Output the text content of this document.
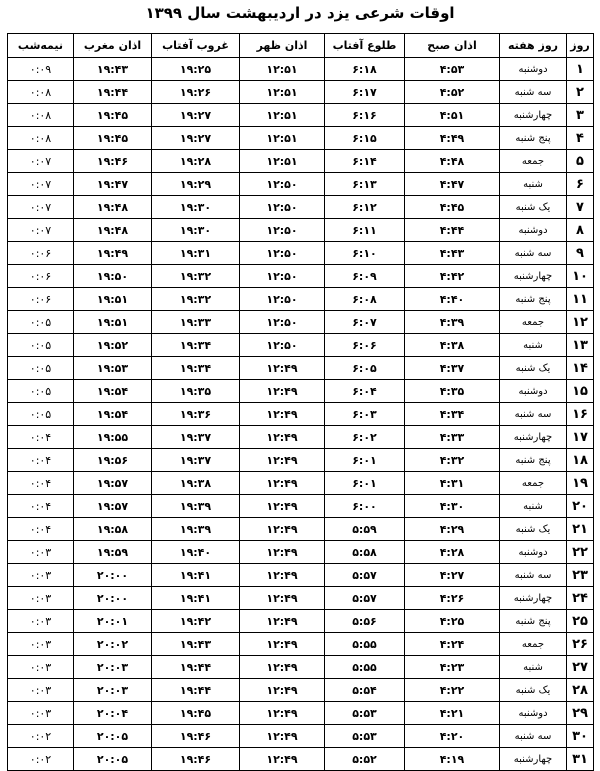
اوقات شرعی یزد در اردیبهشت سال ۱۳۹۹
روز	روز هفته	اذان صبح	طلوع آفتاب	اذان ظهر	غروب آفتاب	اذان مغرب	نیمه‌شب
۱	دوشنبه	۴:۵۳	۶:۱۸	۱۲:۵۱	۱۹:۲۵	۱۹:۴۳	۰:۰۹
۲	سه شنبه	۴:۵۲	۶:۱۷	۱۲:۵۱	۱۹:۲۶	۱۹:۴۴	۰:۰۸
۳	چهارشنبه	۴:۵۱	۶:۱۶	۱۲:۵۱	۱۹:۲۷	۱۹:۴۵	۰:۰۸
۴	پنج شنبه	۴:۴۹	۶:۱۵	۱۲:۵۱	۱۹:۲۷	۱۹:۴۵	۰:۰۸
۵	جمعه	۴:۴۸	۶:۱۴	۱۲:۵۱	۱۹:۲۸	۱۹:۴۶	۰:۰۷
۶	شنبه	۴:۴۷	۶:۱۳	۱۲:۵۰	۱۹:۲۹	۱۹:۴۷	۰:۰۷
۷	یک شنبه	۴:۴۵	۶:۱۲	۱۲:۵۰	۱۹:۳۰	۱۹:۴۸	۰:۰۷
۸	دوشنبه	۴:۴۴	۶:۱۱	۱۲:۵۰	۱۹:۳۰	۱۹:۴۸	۰:۰۷
۹	سه شنبه	۴:۴۳	۶:۱۰	۱۲:۵۰	۱۹:۳۱	۱۹:۴۹	۰:۰۶
۱۰	چهارشنبه	۴:۴۲	۶:۰۹	۱۲:۵۰	۱۹:۳۲	۱۹:۵۰	۰:۰۶
۱۱	پنج شنبه	۴:۴۰	۶:۰۸	۱۲:۵۰	۱۹:۳۲	۱۹:۵۱	۰:۰۶
۱۲	جمعه	۴:۳۹	۶:۰۷	۱۲:۵۰	۱۹:۳۳	۱۹:۵۱	۰:۰۵
۱۳	شنبه	۴:۳۸	۶:۰۶	۱۲:۵۰	۱۹:۳۴	۱۹:۵۲	۰:۰۵
۱۴	یک شنبه	۴:۳۷	۶:۰۵	۱۲:۴۹	۱۹:۳۴	۱۹:۵۳	۰:۰۵
۱۵	دوشنبه	۴:۳۵	۶:۰۴	۱۲:۴۹	۱۹:۳۵	۱۹:۵۴	۰:۰۵
۱۶	سه شنبه	۴:۳۴	۶:۰۳	۱۲:۴۹	۱۹:۳۶	۱۹:۵۴	۰:۰۵
۱۷	چهارشنبه	۴:۳۳	۶:۰۲	۱۲:۴۹	۱۹:۳۷	۱۹:۵۵	۰:۰۴
۱۸	پنج شنبه	۴:۳۲	۶:۰۱	۱۲:۴۹	۱۹:۳۷	۱۹:۵۶	۰:۰۴
۱۹	جمعه	۴:۳۱	۶:۰۱	۱۲:۴۹	۱۹:۳۸	۱۹:۵۷	۰:۰۴
۲۰	شنبه	۴:۳۰	۶:۰۰	۱۲:۴۹	۱۹:۳۹	۱۹:۵۷	۰:۰۴
۲۱	یک شنبه	۴:۲۹	۵:۵۹	۱۲:۴۹	۱۹:۳۹	۱۹:۵۸	۰:۰۴
۲۲	دوشنبه	۴:۲۸	۵:۵۸	۱۲:۴۹	۱۹:۴۰	۱۹:۵۹	۰:۰۳
۲۳	سه شنبه	۴:۲۷	۵:۵۷	۱۲:۴۹	۱۹:۴۱	۲۰:۰۰	۰:۰۳
۲۴	چهارشنبه	۴:۲۶	۵:۵۷	۱۲:۴۹	۱۹:۴۱	۲۰:۰۰	۰:۰۳
۲۵	پنج شنبه	۴:۲۵	۵:۵۶	۱۲:۴۹	۱۹:۴۲	۲۰:۰۱	۰:۰۳
۲۶	جمعه	۴:۲۴	۵:۵۵	۱۲:۴۹	۱۹:۴۳	۲۰:۰۲	۰:۰۳
۲۷	شنبه	۴:۲۳	۵:۵۵	۱۲:۴۹	۱۹:۴۴	۲۰:۰۳	۰:۰۳
۲۸	یک شنبه	۴:۲۲	۵:۵۴	۱۲:۴۹	۱۹:۴۴	۲۰:۰۳	۰:۰۳
۲۹	دوشنبه	۴:۲۱	۵:۵۳	۱۲:۴۹	۱۹:۴۵	۲۰:۰۴	۰:۰۳
۳۰	سه شنبه	۴:۲۰	۵:۵۳	۱۲:۴۹	۱۹:۴۶	۲۰:۰۵	۰:۰۲
۳۱	چهارشنبه	۴:۱۹	۵:۵۲	۱۲:۴۹	۱۹:۴۶	۲۰:۰۵	۰:۰۲
